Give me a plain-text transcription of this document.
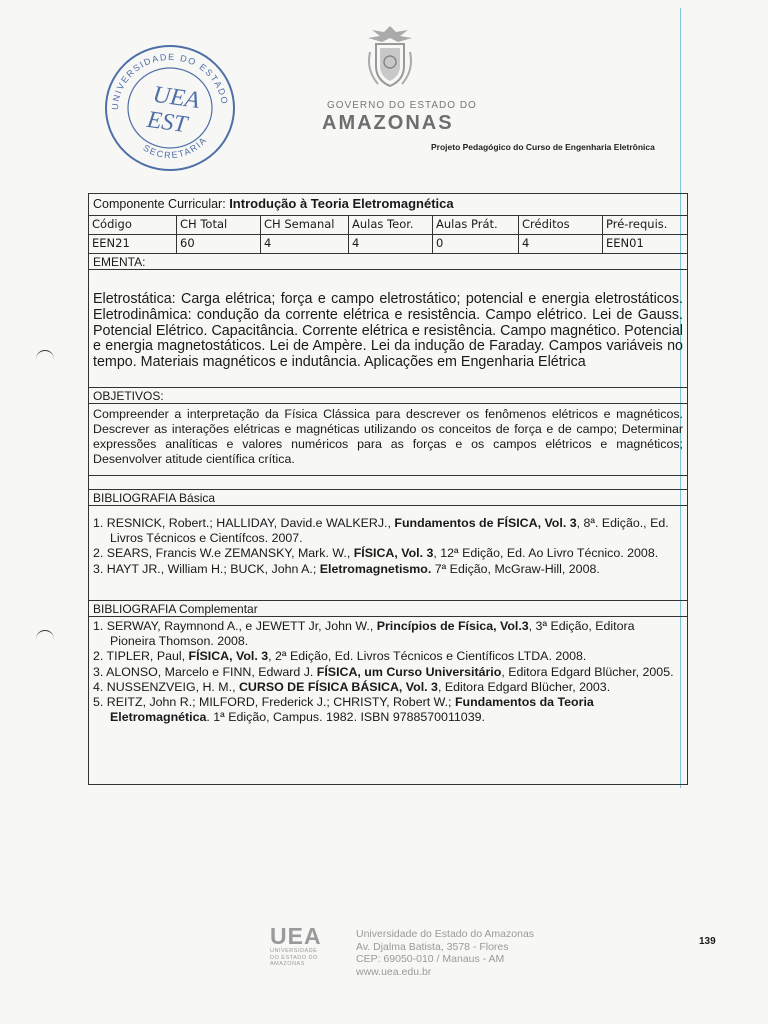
UNIVERSIDADE DO ESTADO
SECRETARIA
UEA
EST
GOVERNO DO ESTADO DO
AMAZONAS
Projeto Pedagógico do Curso de Engenharia Eletrônica
Componente Curricular: Introdução à Teoria Eletromagnética
Código	CH Total	CH Semanal	Aulas Teor.	Aulas Prát.	Créditos	Pré-requis.
EEN21	60	4	4	0	4	EEN01
EMENTA:
Eletrostática: Carga elétrica; força e campo eletrostático; potencial e energia eletrostáticos. Eletrodinâmica: condução da corrente elétrica e resistência. Campo elétrico. Lei de Gauss. Potencial Elétrico. Capacitância. Corrente elétrica e resistência. Campo magnético. Potencial e energia magnetostáticos. Lei de Ampère. Lei da indução de Faraday. Campos variáveis no tempo. Materiais magnéticos e indutância. Aplicações em Engenharia Elétrica
OBJETIVOS:
Compreender a interpretação da Física Clássica para descrever os fenômenos elétricos e magnéticos. Descrever as interações elétricas e magnéticas utilizando os conceitos de força e de campo; Determinar expressões analíticas e valores numéricos para as forças e os campos elétricos e magnéticos; Desenvolver atitude científica crítica.
BIBLIOGRAFIA Básica
1. RESNICK, Robert.; HALLIDAY, David.e WALKERJ., Fundamentos de FÍSICA, Vol. 3, 8ª. Edição., Ed. Livros Técnicos e Científcos. 2007.
2. SEARS, Francis W.e ZEMANSKY, Mark. W., FÍSICA, Vol. 3, 12ª Edição, Ed. Ao Livro Técnico. 2008.
3. HAYT JR., William H.; BUCK, John A.; Eletromagnetismo. 7ª Edição, McGraw-Hill, 2008.
BIBLIOGRAFIA Complementar
1. SERWAY, Raymnond A., e JEWETT Jr, John W., Princípios de Física, Vol.3, 3ª Edição, Editora Pioneira Thomson. 2008.
2. TIPLER, Paul, FÍSICA, Vol. 3, 2ª Edição, Ed. Livros Técnicos e Científicos LTDA. 2008.
3. ALONSO, Marcelo e FINN, Edward J. FÍSICA, um Curso Universitário, Editora Edgard Blücher, 2005.
4. NUSSENZVEIG, H. M., CURSO DE FÍSICA BÁSICA, Vol. 3, Editora Edgard Blücher, 2003.
5. REITZ, John R.; MILFORD, Frederick J.; CHRISTY, Robert W.; Fundamentos da Teoria Eletromagnética. 1ª Edição, Campus. 1982. ISBN 9788570011039.
UEA
UNIVERSIDADE
DO ESTADO DO
AMAZONAS
Universidade do Estado do Amazonas
Av. Djalma Batista, 3578 - Flores
CEP: 69050-010 / Manaus - AM
www.uea.edu.br
139
